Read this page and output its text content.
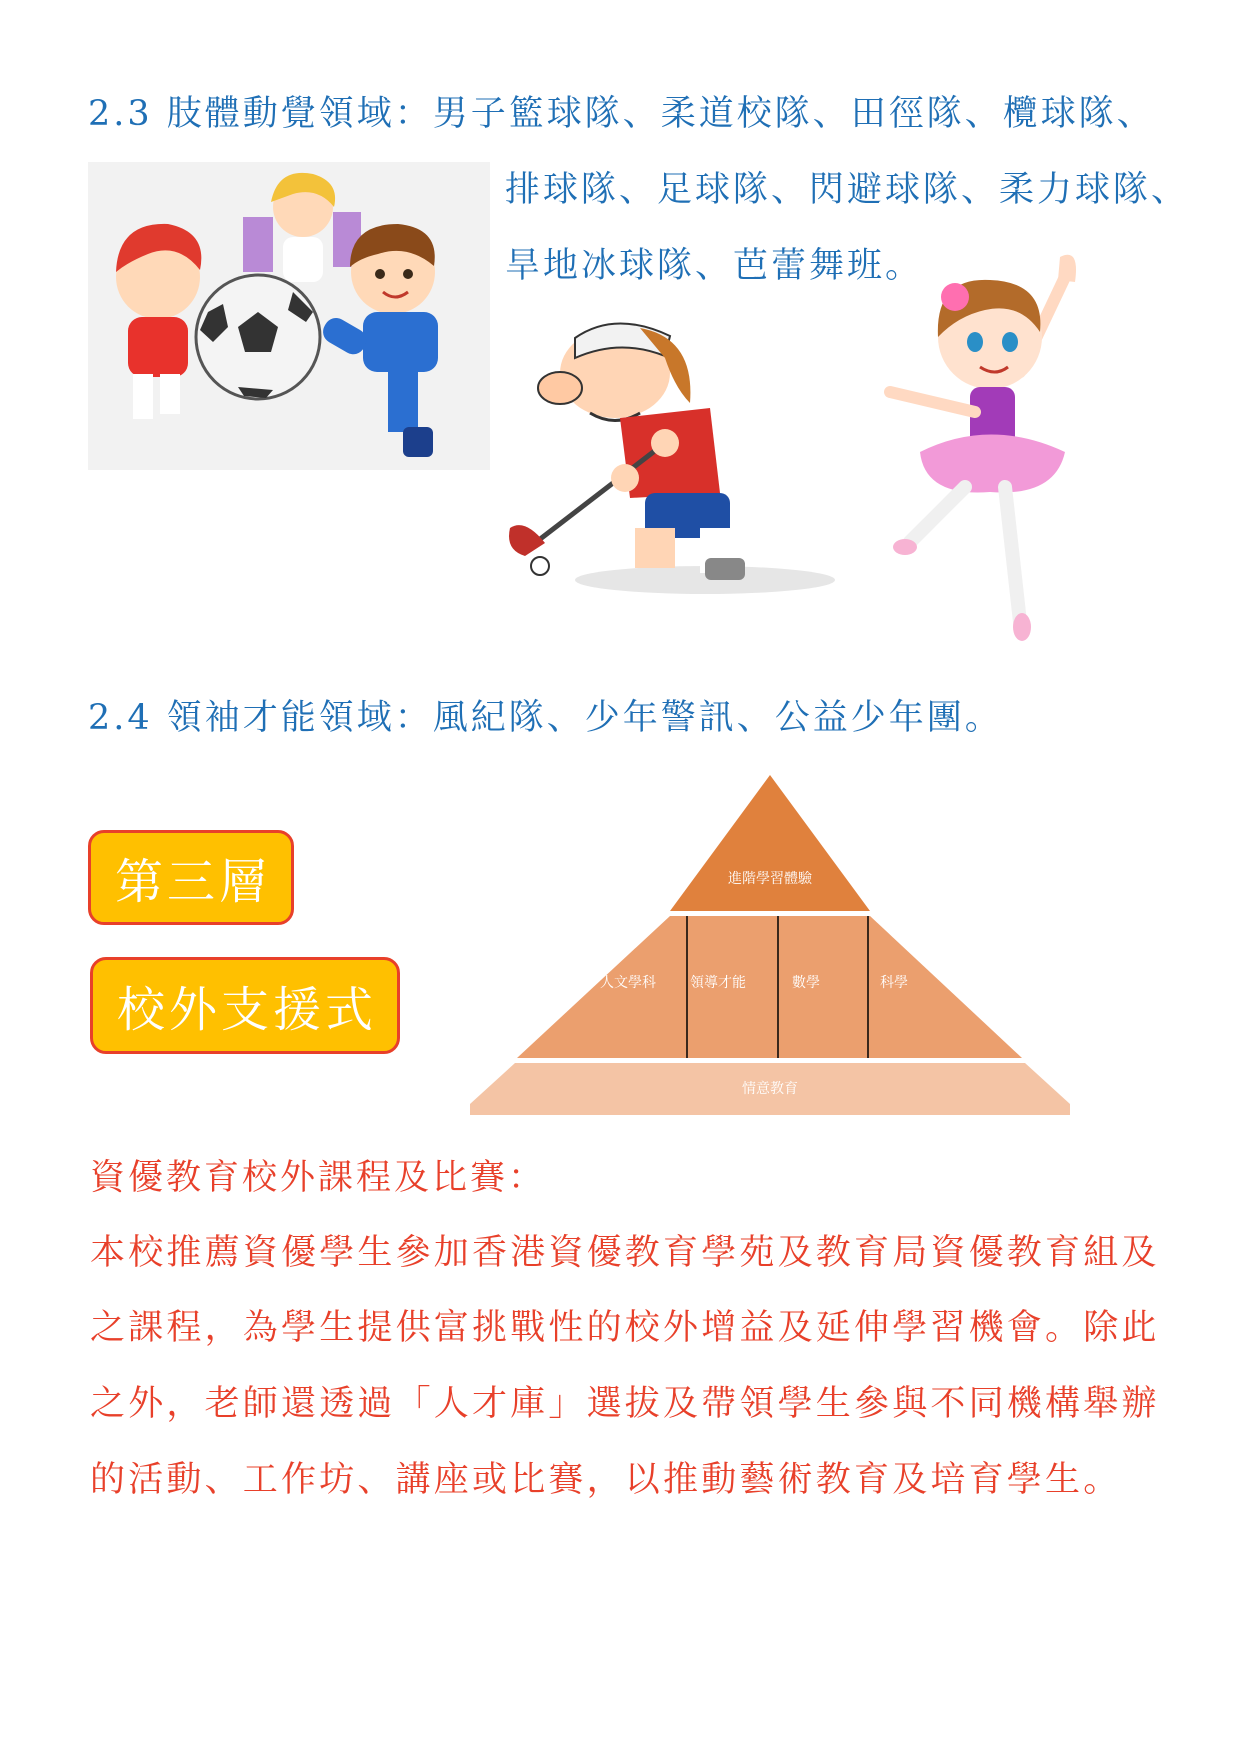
2.3 肢體動覺領域：男子籃球隊、柔道校隊、田徑隊、欖球隊、
排球隊、足球隊、閃避球隊、柔力球隊、
旱地冰球隊、芭蕾舞班。
2.4 領袖才能領域：風紀隊、少年警訊、公益少年團。
第三層
校外支援式
進階學習體驗
人文學科 領導才能	數學	科學
情意教育
資優教育校外課程及比賽：
本校推薦資優學生參加香港資優教育學苑及教育局資優教育組及
之課程，為學生提供富挑戰性的校外增益及延伸學習機會。除此
之外，老師還透過「人才庫」選拔及帶領學生參與不同機構舉辦
的活動、工作坊、講座或比賽，以推動藝術教育及培育學生。
